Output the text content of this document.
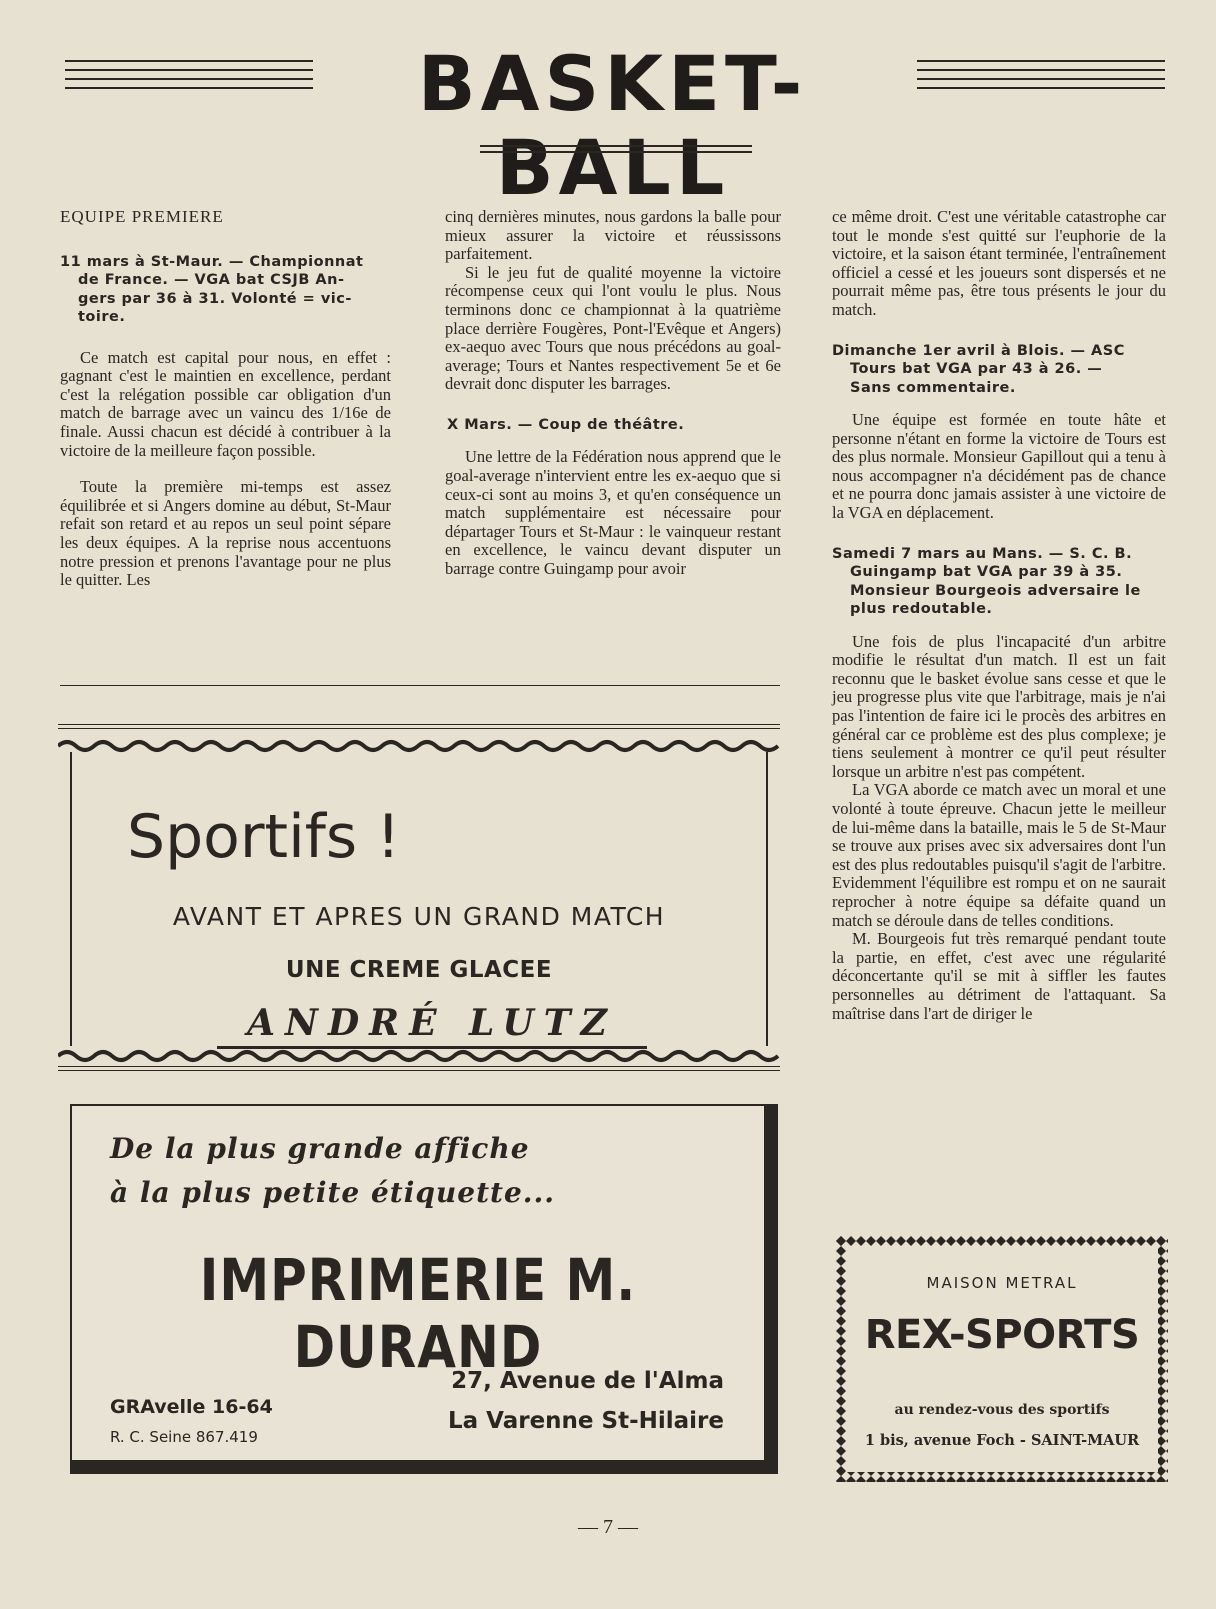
BASKET-BALL
EQUIPE PREMIERE
11 mars à St-Maur. — Championnat
de France. — VGA bat CSJB An-
gers par 36 à 31. Volonté = vic-
toire.

Ce match est capital pour nous, en effet : gagnant c'est le maintien en excellence, perdant c'est la relégation possible car obligation d'un match de barrage avec un vaincu des 1/16e de finale. Aussi chacun est décidé à contribuer à la victoire de la meilleure façon possible.

Toute la première mi-temps est assez équilibrée et si Angers domine au début, St-Maur refait son retard et au repos un seul point sépare les deux équipes. A la reprise nous accentuons notre pression et prenons l'avantage pour ne plus le quitter. Les

cinq dernières minutes, nous gardons la balle pour mieux assurer la victoire et réussissons parfaitement.

Si le jeu fut de qualité moyenne la victoire récompense ceux qui l'ont voulu le plus. Nous terminons donc ce championnat à la quatrième place derrière Fougères, Pont-l'Evêque et Angers) ex-aequo avec Tours que nous précédons au goal-average; Tours et Nantes respectivement 5e et 6e devrait donc disputer les barrages.

X Mars. — Coup de théâtre.

Une lettre de la Fédération nous apprend que le goal-average n'intervient entre les ex-aequo que si ceux-ci sont au moins 3, et qu'en conséquence un match supplémentaire est nécessaire pour départager Tours et St-Maur : le vainqueur restant en excellence, le vaincu devant disputer un barrage contre Guingamp pour avoir

ce même droit. C'est une véritable catastrophe car tout le monde s'est quitté sur l'euphorie de la victoire, et la saison étant terminée, l'entraînement officiel a cessé et les joueurs sont dispersés et ne pourrait même pas, être tous présents le jour du match.

Dimanche 1er avril à Blois. — ASC
Tours bat VGA par 43 à 26. —
Sans commentaire.

Une équipe est formée en toute hâte et personne n'étant en forme la victoire de Tours est des plus normale. Monsieur Gapillout qui a tenu à nous accompagner n'a décidément pas de chance et ne pourra donc jamais assister à une victoire de la VGA en déplacement.

Samedi 7 mars au Mans. — S. C. B.
Guingamp bat VGA par 39 à 35.
Monsieur Bourgeois adversaire le
plus redoutable.

Une fois de plus l'incapacité d'un arbitre modifie le résultat d'un match. Il est un fait reconnu que le basket évolue sans cesse et que le jeu progresse plus vite que l'arbitrage, mais je n'ai pas l'intention de faire ici le procès des arbitres en général car ce problème est des plus complexe; je tiens seulement à montrer ce qu'il peut résulter lorsque un arbitre n'est pas compétent.

La VGA aborde ce match avec un moral et une volonté à toute épreuve. Chacun jette le meilleur de lui-même dans la bataille, mais le 5 de St-Maur se trouve aux prises avec six adversaires dont l'un est des plus redoutables puisqu'il s'agit de l'arbitre. Evidemment l'équilibre est rompu et on ne saurait reprocher à notre équipe sa défaite quand un match se déroule dans de telles conditions.

M. Bourgeois fut très remarqué pendant toute la partie, en effet, c'est avec une régularité déconcertante qu'il se mit à siffler les fautes personnelles au détriment de l'attaquant. Sa maîtrise dans l'art de diriger le

Sportifs !
AVANT ET APRES UN GRAND MATCH
UNE CREME GLACEE
ANDRÉ LUTZ
De la plus grande affiche
à la plus petite étiquette...
IMPRIMERIE M. DURAND
GRAvelle 16-64
R. C. Seine 867.419
27, Avenue de l'Alma
La Varenne St-Hilaire
MAISON METRAL
REX-SPORTS
au rendez-vous des sportifs
1 bis, avenue Foch - SAINT-MAUR
— 7 —
